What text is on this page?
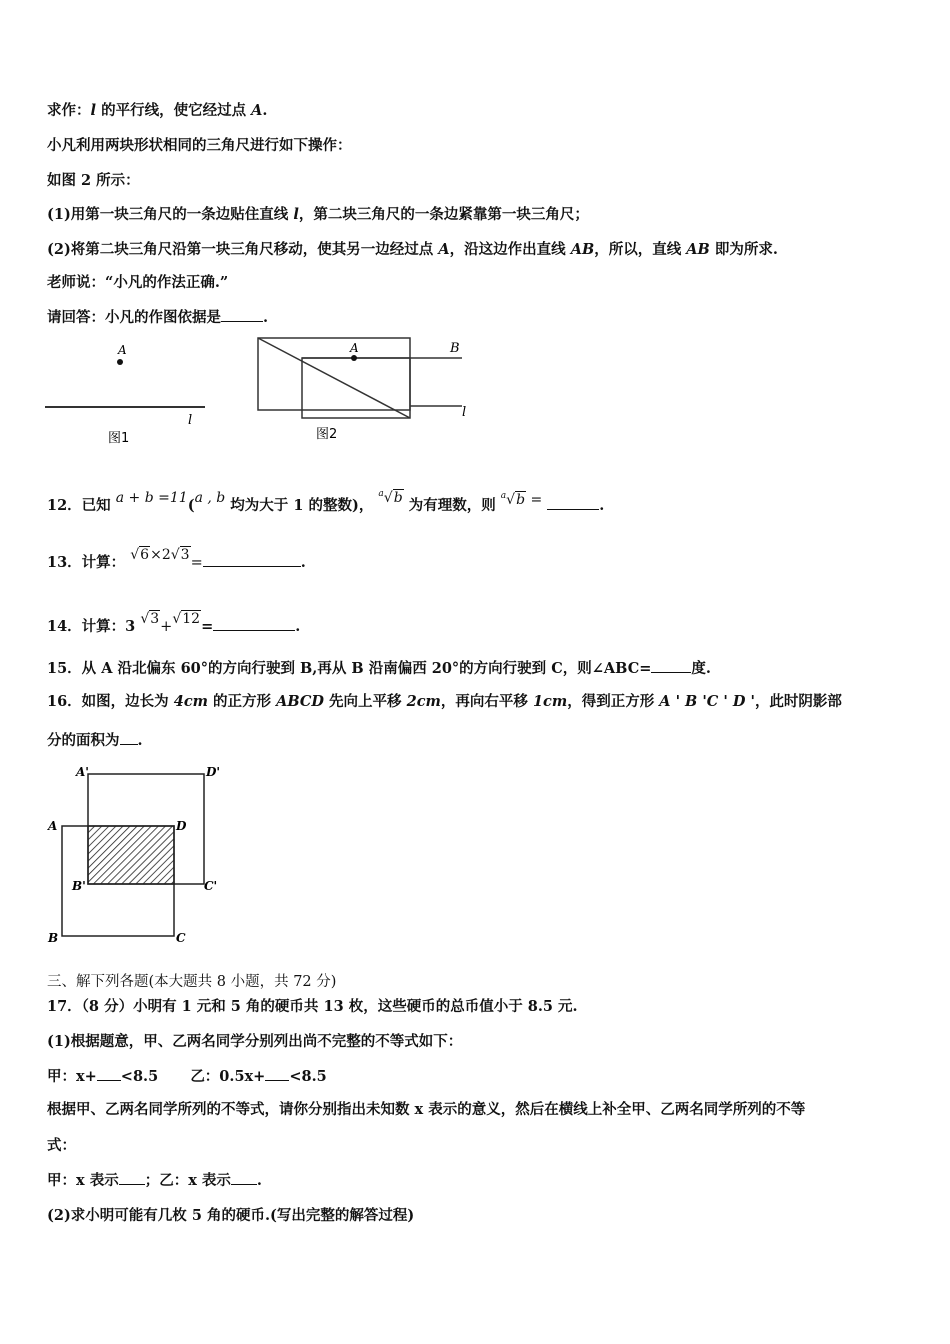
求作：l 的平行线，使它经过点 A.
小凡利用两块形状相同的三角尺进行如下操作：
如图 2 所示：
(1)用第一块三角尺的一条边贴住直线 l，第二块三角尺的一条边紧靠第一块三角尺；
(2)将第二块三角尺沿第一块三角尺移动，使其另一边经过点 A，沿这边作出直线 AB，所以，直线 AB 即为所求.
老师说：“小凡的作法正确.”
请回答：小凡的作图依据是	.
A
l
图1
A	B
l
图2
12．已知 a + b =11(a , b 均为大于 1 的整数)， $^a$√b 为有理数，则 $^a$√b =	.
13．计算： √6×2√3=	.
14．计算：3 √3+√12=	.
15．从 A 沿北偏东 60°的方向行驶到 B,再从 B 沿南偏西 20°的方向行驶到 C，则∠ABC=	度.
16．如图，边长为 4cm 的正方形 ABCD 先向上平移 2cm，再向右平移 1cm，得到正方形 A ' B 'C ' D '，此时阴影部
分的面积为 .
A'	D'
A	D
B'	C'
B	C
三、解下列各题(本大题共 8 小题，共 72 分)
17．（8 分）小明有 1 元和 5 角的硬币共 13 枚，这些硬币的总币值小于 8.5 元.
(1)根据题意，甲、乙两名同学分别列出尚不完整的不等式如下：
甲：x+ <8.5 乙：0.5x+ <8.5
根据甲、乙两名同学所列的不等式，请你分别指出未知数 x 表示的意义，然后在横线上补全甲、乙两名同学所列的不等
式：
甲：x 表示 ；乙：x 表示 .
(2)求小明可能有几枚 5 角的硬币.(写出完整的解答过程)
